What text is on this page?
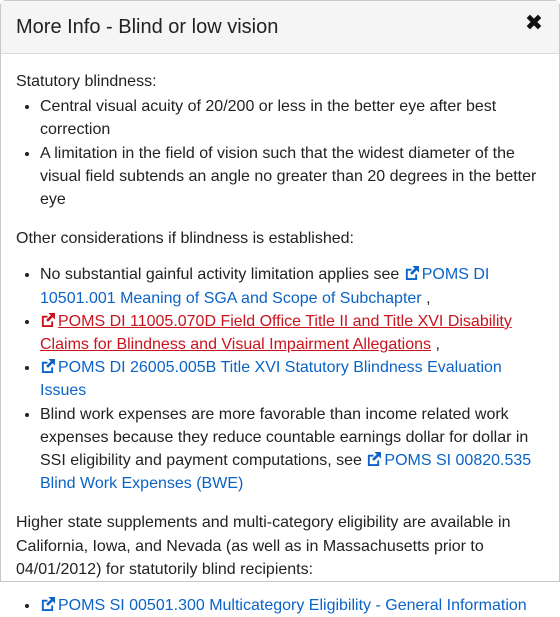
More Info - Blind or low vision	✖

Statutory blindness:

• Central visual acuity of 20/200 or less in the better eye after best correction
• A limitation in the field of vision such that the widest diameter of the visual field subtends an angle no greater than 20 degrees in the better eye

Other considerations if blindness is established:

• No substantial gainful activity limitation applies see POMS DI 10501.001 Meaning of SGA and Scope of Subchapter ,
• POMS DI 11005.070D Field Office Title II and Title XVI Disability Claims for Blindness and Visual Impairment Allegations ,
• POMS DI 26005.005B Title XVI Statutory Blindness Evaluation Issues
• Blind work expenses are more favorable than income related work expenses because they reduce countable earnings dollar for dollar in SSI eligibility and payment computations, see POMS SI 00820.535 Blind Work Expenses (BWE)

Higher state supplements and multi-category eligibility are available in California, Iowa, and Nevada (as well as in Massachusetts prior to 04/01/2012) for statutorily blind recipients:

• POMS SI 00501.300 Multicategory Eligibility - General Information
